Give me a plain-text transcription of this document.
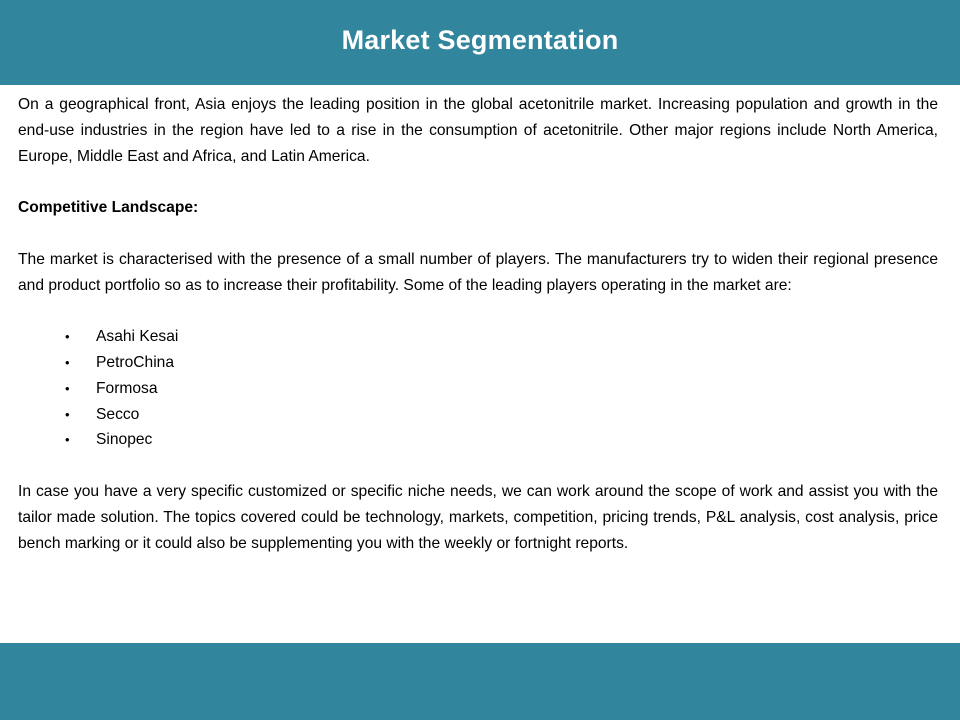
Market Segmentation

On a geographical front, Asia enjoys the leading position in the global acetonitrile market. Increasing population and growth in the end-use industries in the region have led to a rise in the consumption of acetonitrile. Other major regions include North America, Europe, Middle East and Africa, and Latin America.

Competitive Landscape:

The market is characterised with the presence of a small number of players. The manufacturers try to widen their regional presence and product portfolio so as to increase their profitability. Some of the leading players operating in the market are:

• Asahi Kesai
• PetroChina
• Formosa
• Secco
• Sinopec

In case you have a very specific customized or specific niche needs, we can work around the scope of work and assist you with the tailor made solution. The topics covered could be technology, markets, competition, pricing trends, P&L analysis, cost analysis, price bench marking or it could also be supplementing you with the weekly or fortnight reports.
